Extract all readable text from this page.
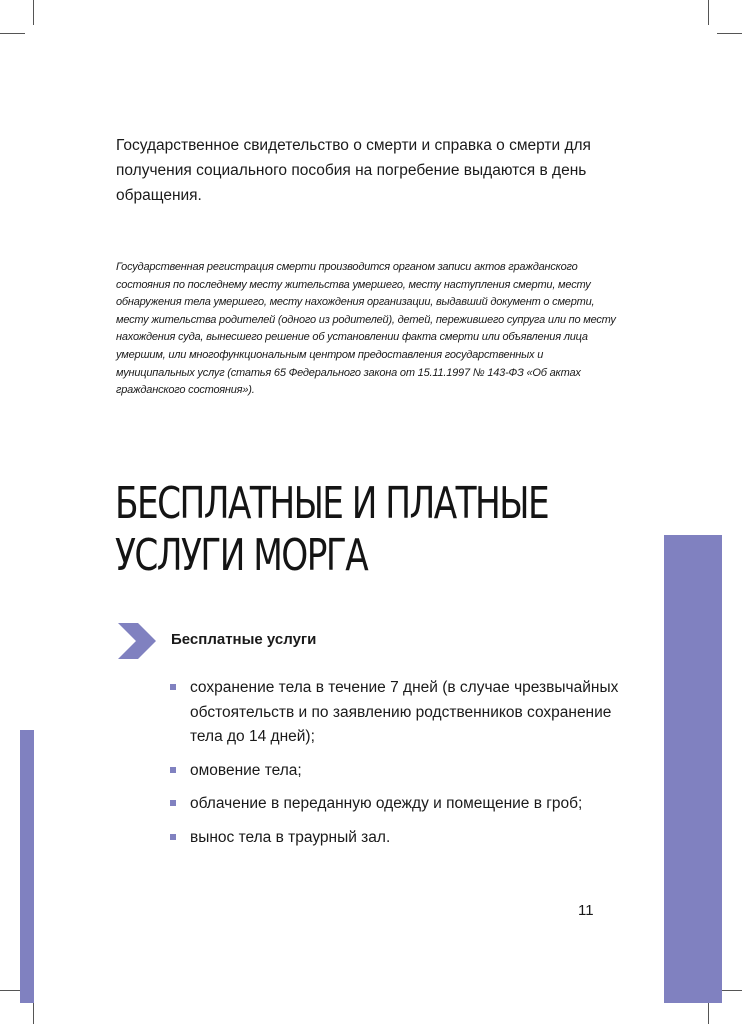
Государственное свидетельство о смерти и справка о смерти для получения социального пособия на погребение выдаются в день обращения.

Государственная регистрация смерти производится органом записи актов гражданского состояния по последнему месту жительства умершего, месту наступления смерти, месту обнаружения тела умершего, месту нахождения организации, выдавший документ о смерти, месту жительства родителей (одного из родителей), детей, пережившего супруга или по месту нахождения суда, вынесшего решение об установлении факта смерти или объявления лица умершим, или многофункциональным центром предоставления государственных и муниципальных услуг (статья 65 Федерального закона от 15.11.1997 № 143-ФЗ «Об актах гражданского состояния»).

БЕСПЛАТНЫЕ И ПЛАТНЫЕ
УСЛУГИ МОРГА
Бесплатные услуги
сохранение тела в течение 7 дней (в случае чрезвычайных обстоятельств и по заявлению родственников сохранение тела до 14 дней);
омовение тела;
облачение в переданную одежду и помещение в гроб;
вынос тела в траурный зал.
11
